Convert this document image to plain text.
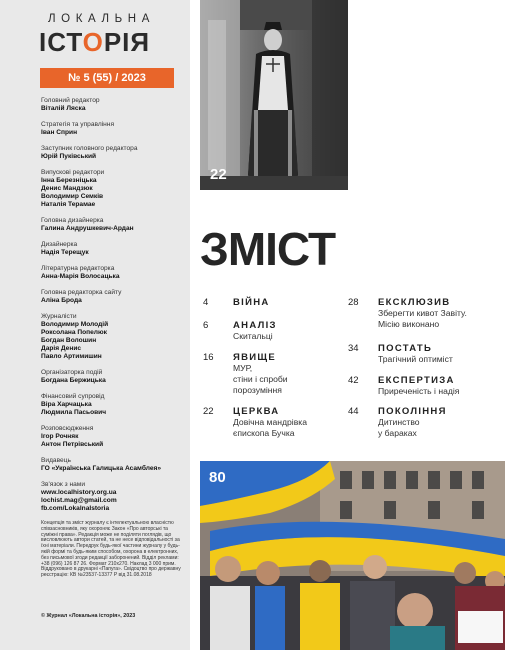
ЛОКАЛЬНА
ІСТОРІЯ
№ 5 (55) / 2023
Головний редактор
Віталій Ляска
Стратегія та управління
Іван Сприн
Заступник головного редактора
Юрій Пуківський
Випускові редактори
Інна Березніцька
Денис Мандзюк
Володимир Семків
Наталія Терамае
Головна дизайнерка
Галина Андрушкевич-Ардан
Дизайнерка
Надія Терещук
Літературна редакторка
Анна-Марія Волосацька
Головна редакторка сайту
Аліна Брода
Журналісти
Володимир Молодій
Роксолана Попелюк
Богдан Волошин
Дарія Денис
Павло Артимишин
Організаторка подій
Богдана Бержицька
Фінансовий супровід
Віра Харчацька
Людмила Пасьович
Розповсюдження
Ігор Рочняк
Антон Петрівський
Видавець
ГО «Українська Галицька Асамблея»
Зв'язок з нами
www.localhistory.org.ua
lochist.mag@gmail.com
fb.com/LokalnaIstoria
Концепція та зміст журналу є інтелектуальною власністю співзасновників, яку охороняє Закон «Про авторські та суміжні права». Редакція може не поділяти поглядів, що висловлюють автори статей, та не несе відповідальності за їхні матеріали. Передрук будь-якої частини журналу у будь-якій формі та будь-яким способом, охорона в електронних, без письмової згоди редакції заборонений. Відділ реклами: +38 (096) 126 87 26. Формат 210х270. Наклад 3 000 прим. Віддруковано в друкарні «Папуга». Свідоцтво про державну реєстрацію: КВ №23537-13377 Р від 31.08.2018
© Журнал «Локальна історія», 2023
22
ЗМІСТ
4	ВІЙНА
6	АНАЛІЗ
Скитальці
16	ЯВИЩЕ
МУР,
стіни і спроби
порозуміння
22	ЦЕРКВА
Довічна мандрівка
єпископа Бучка
28	ЕКСКЛЮЗИВ
Зберегти кивот Завіту.
Місію виконано
34	ПОСТАТЬ
Трагічний оптиміст
42	ЕКСПЕРТИЗА
Приреченість і надія
44	ПОКОЛІННЯ
Дитинство
у бараках
80
